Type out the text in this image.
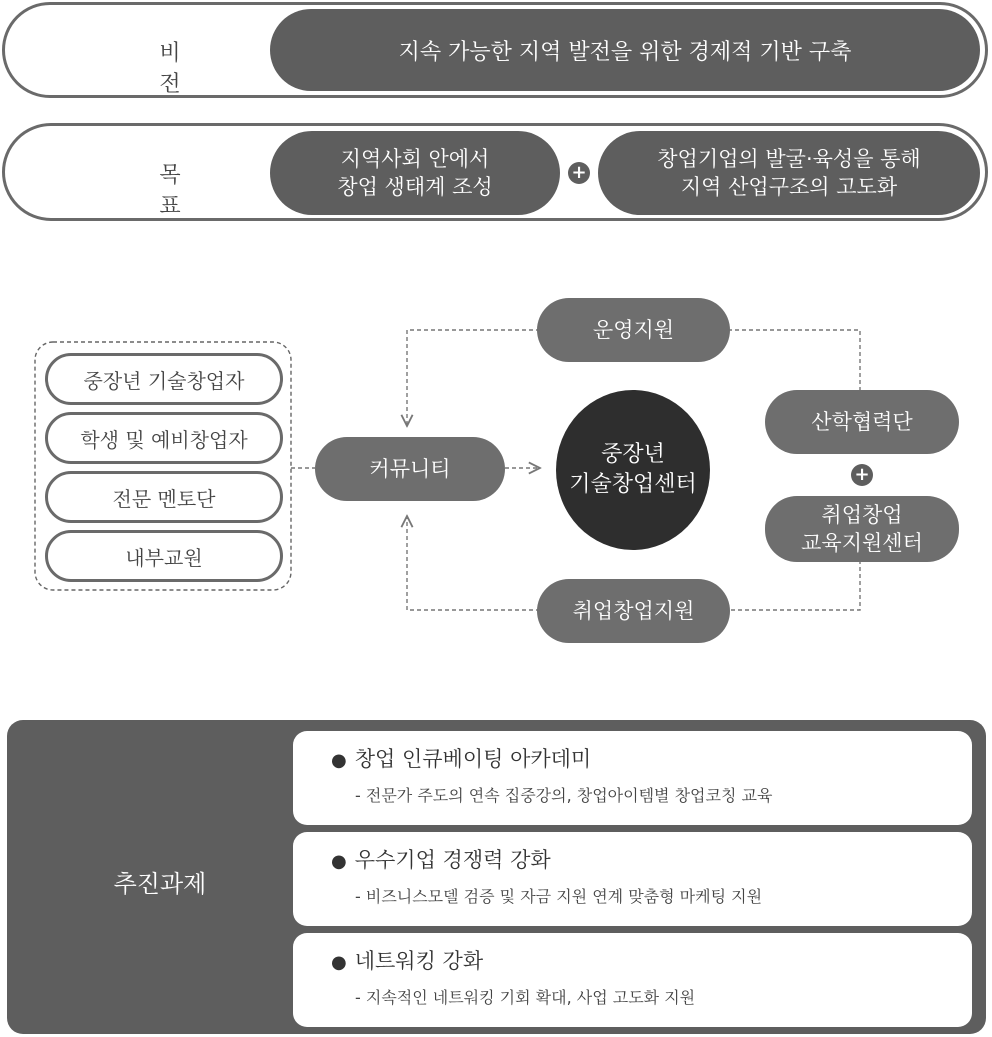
비전
지속 가능한 지역 발전을 위한 경제적 기반 구축
목표
지역사회 안에서
창업 생태계 조성
+
창업기업의 발굴·육성을 통해
지역 산업구조의 고도화
중장년 기술창업자
학생 및 예비창업자
전문 멘토단
내부교원
커뮤니티
중장년
기술창업센터
운영지원
취업창업지원
산학협력단
+
취업창업
교육지원센터
추진과제
● 창업 인큐베이팅 아카데미
- 전문가 주도의 연속 집중강의, 창업아이템별 창업코칭 교육
● 우수기업 경쟁력 강화
- 비즈니스모델 검증 및 자금 지원 연계 맞춤형 마케팅 지원
● 네트워킹 강화
- 지속적인 네트워킹 기회 확대, 사업 고도화 지원
